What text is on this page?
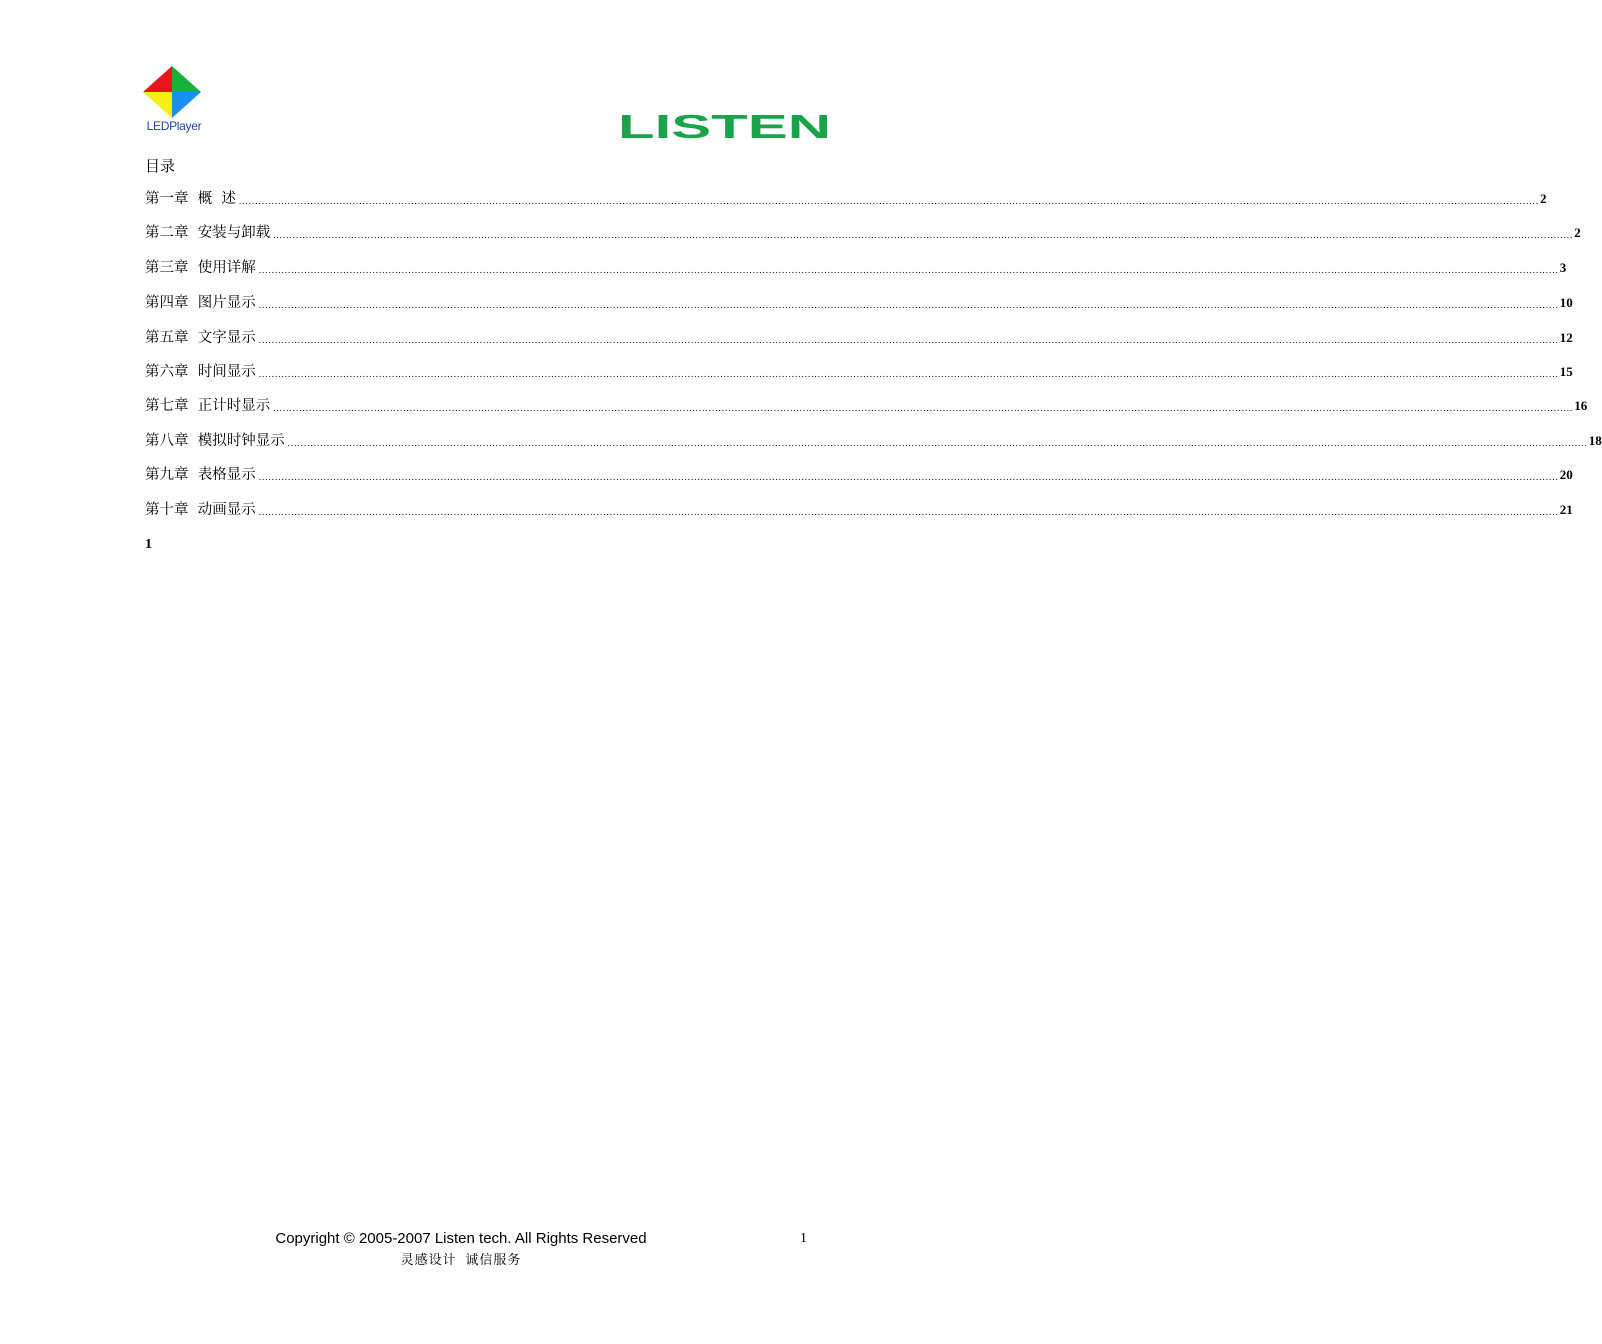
LEDPlayer	LISTEN
目录
第一章
概  述 ................................................................................................................................................................................................................................................................................................................................................................................................................ 2
第二章
安装与卸载 ................................................................................................................................................................................................................................................................................................................................................................................................................ 2
第三章
使用详解 ................................................................................................................................................................................................................................................................................................................................................................................................................ 3
第四章
图片显示 ................................................................................................................................................................................................................................................................................................................................................................................................................ 10
第五章
文字显示 ................................................................................................................................................................................................................................................................................................................................................................................................................ 12
第六章
时间显示 ................................................................................................................................................................................................................................................................................................................................................................................................................ 15
第七章
正计时显示 ................................................................................................................................................................................................................................................................................................................................................................................................................ 16
第八章
模拟时钟显示 ................................................................................................................................................................................................................................................................................................................................................................................................................ 18
第九章
表格显示 ................................................................................................................................................................................................................................................................................................................................................................................................................ 20
第十章
动画显示 ................................................................................................................................................................................................................................................................................................................................................................................................................ 21
1
Copyright © 2005-2007 Listen tech. All Rights Reserved
灵感设计 诚信服务
1
